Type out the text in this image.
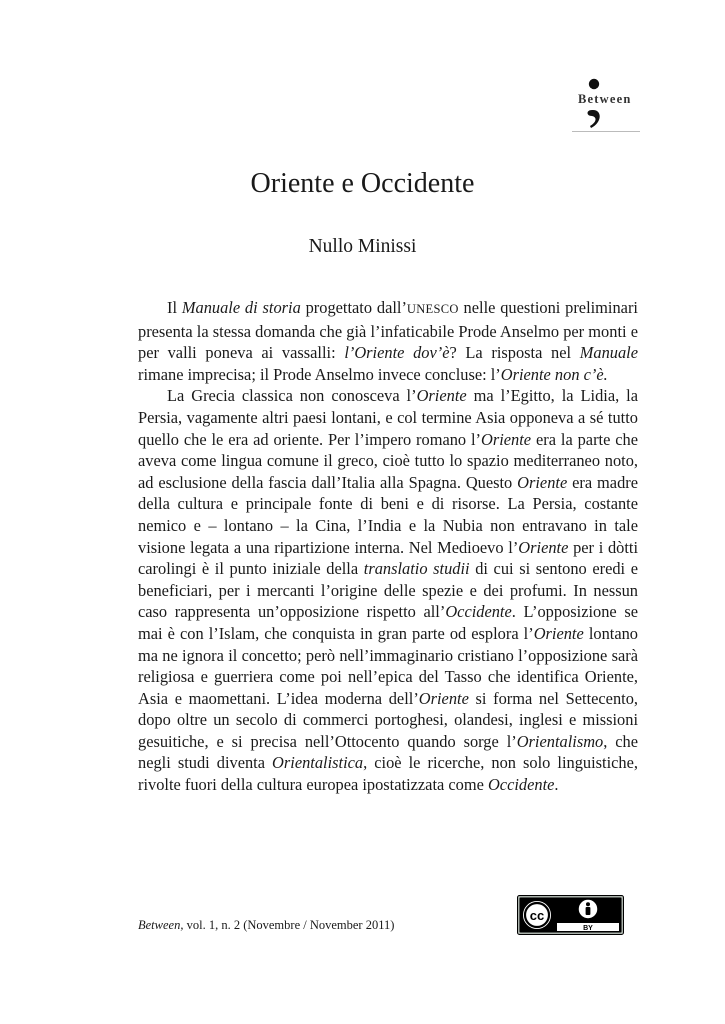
Between
Oriente e Occidente
Nullo Minissi

Il Manuale di storia progettato dall’UNESCO nelle questioni preliminari presenta la stessa domanda che già l’infaticabile Prode Anselmo per monti e per valli poneva ai vassalli: l’Oriente dov’è? La risposta nel Manuale rimane imprecisa; il Prode Anselmo invece concluse: l’Oriente non c’è.

La Grecia classica non conosceva l’Oriente ma l’Egitto, la Lidia, la Persia, vagamente altri paesi lontani, e col termine Asia opponeva a sé tutto quello che le era ad oriente. Per l’impero romano l’Oriente era la parte che aveva come lingua comune il greco, cioè tutto lo spazio mediterraneo noto, ad esclusione della fascia dall’Italia alla Spagna. Questo Oriente era madre della cultura e principale fonte di beni e di risorse. La Persia, costante nemico e – lontano – la Cina, l’India e la Nubia non entravano in tale visione legata a una ripartizione interna. Nel Medioevo l’Oriente per i dòtti carolingi è il punto iniziale della translatio studii di cui si sentono eredi e beneficiari, per i mercanti l’origine delle spezie e dei profumi. In nessun caso rappresenta un’opposizione rispetto all’Occidente. L’opposizione se mai è con l’Islam, che conquista in gran parte od esplora l’Oriente lontano ma ne ignora il concetto; però nell’immaginario cristiano l’opposizione sarà religiosa e guerriera come poi nell’epica del Tasso che identifica Oriente, Asia e maomettani. L’idea moderna dell’Oriente si forma nel Settecento, dopo oltre un secolo di commerci portoghesi, olandesi, inglesi e missioni gesuitiche, e si precisa nell’Ottocento quando sorge l’Orientalismo, che negli studi diventa Orientalistica, cioè le ricerche, non solo linguistiche, rivolte fuori della cultura europea ipostatizzata come Occidente.

Between, vol. 1, n. 2 (Novembre / November 2011)
cc
BY
